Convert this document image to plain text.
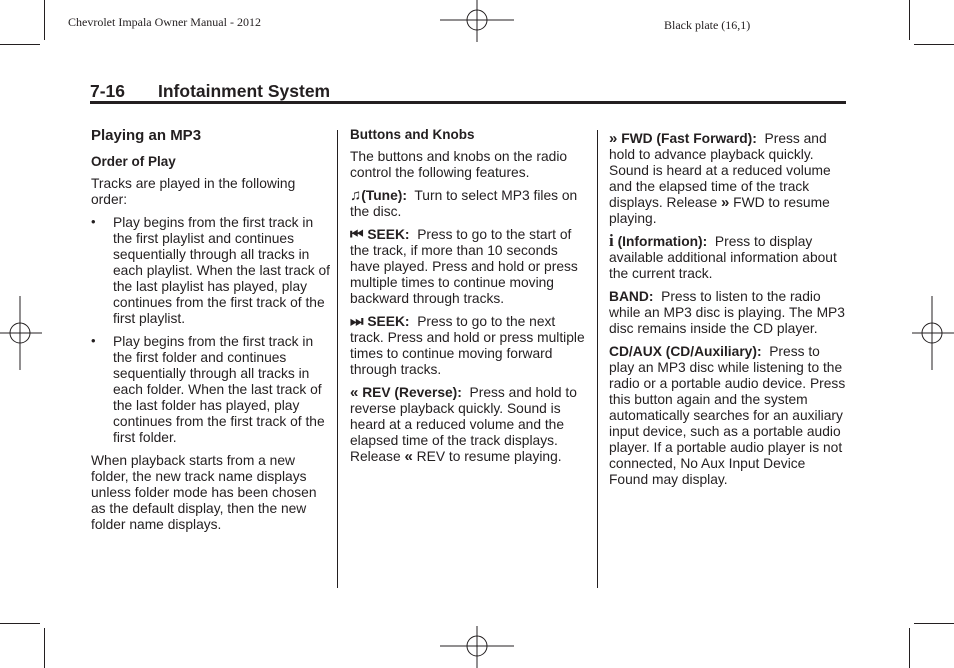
Chevrolet Impala Owner Manual - 2012	Black plate (16,1)
7-16 Infotainment System
Playing an MP3
Order of Play

Tracks are played in the following order:

• Play begins from the first track in the first playlist and continues sequentially through all tracks in each playlist. When the last track of the last playlist has played, play continues from the first track of the first playlist.
• Play begins from the first track in the first folder and continues sequentially through all tracks in each folder. When the last track of the last folder has played, play continues from the first track of the first folder.

When playback starts from a new folder, the new track name displays unless folder mode has been chosen as the default display, then the new folder name displays.

Buttons and Knobs

The buttons and knobs on the radio control the following features.

♫(Tune): Turn to select MP3 files on the disc.

⏮ SEEK: Press to go to the start of the track, if more than 10 seconds have played. Press and hold or press multiple times to continue moving backward through tracks.

⏭ SEEK: Press to go to the next track. Press and hold or press multiple times to continue moving forward through tracks.

« REV (Reverse): Press and hold to reverse playback quickly. Sound is heard at a reduced volume and the elapsed time of the track displays. Release « REV to resume playing.

» FWD (Fast Forward): Press and hold to advance playback quickly. Sound is heard at a reduced volume and the elapsed time of the track displays. Release » FWD to resume playing.

i (Information): Press to display available additional information about the current track.

BAND: Press to listen to the radio while an MP3 disc is playing. The MP3 disc remains inside the CD player.

CD/AUX (CD/Auxiliary): Press to play an MP3 disc while listening to the radio or a portable audio device. Press this button again and the system automatically searches for an auxiliary input device, such as a portable audio player. If a portable audio player is not connected, No Aux Input Device Found may display.
